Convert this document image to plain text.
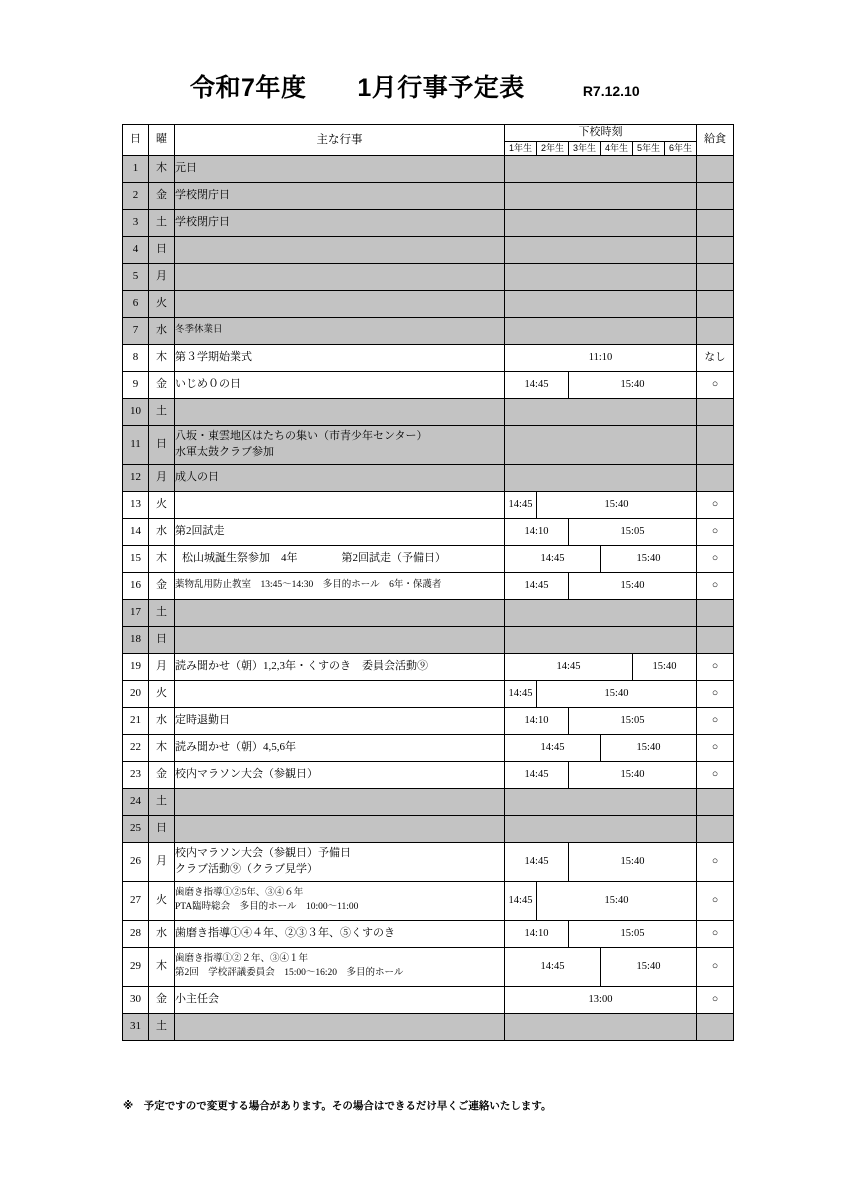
令和7年度　　1月行事予定表	R7.12.10
日	曜	主な行事	下校時刻						給食
			1年生	2年生	3年生	4年生	5年生	6年生	
1	木	元日							

2	金	学校閉庁日							

3	土	学校閉庁日							

4	日								
5	月								
6	火								
7	水	冬季休業日							

8	木	第３学期始業式	11:10						なし
9	金	いじめ０の日	14:45		15:40				○
10	土								
11	日	八坂・東雲地区はたちの集い（市青少年センター）
水軍太鼓クラブ参加							

12	月	成人の日							

13	火		14:45	15:40					○
14	水	第2回試走	14:10		15:05				○
15	木	松山城誕生祭参加　4年　　　　第2回試走（予備日）	14:45			15:40			○
16	金	薬物乱用防止教室　13:45〜14:30　多目的ホール　6年・保護者	14:45		15:40				○
17	土								
18	日								
19	月	読み聞かせ（朝）1,2,3年・くすのき　委員会活動⑨	14:45				15:40		○
20	火		14:45	15:40					○
21	水	定時退勤日	14:10		15:05				○
22	木	読み聞かせ（朝）4,5,6年	14:45			15:40			○
23	金	校内マラソン大会（参観日）	14:45		15:40				○
24	土								
25	日								
26	月	校内マラソン大会（参観日）予備日
クラブ活動⑨（クラブ見学）	14:45		15:40				○
27	火	歯磨き指導①②5年、③④６年
PTA臨時総会　多目的ホール　10:00〜11:00	14:45	15:40					○
28	水	歯磨き指導①④４年、②③３年、⑤くすのき	14:10		15:05				○
29	木	歯磨き指導①②２年、③④１年
第2回　学校評議委員会　15:00〜16:20　多目的ホール	14:45			15:40			○
30	金	小主任会	13:00						○
31	土								
※　予定ですので変更する場合があります。その場合はできるだけ早くご連絡いたします。
